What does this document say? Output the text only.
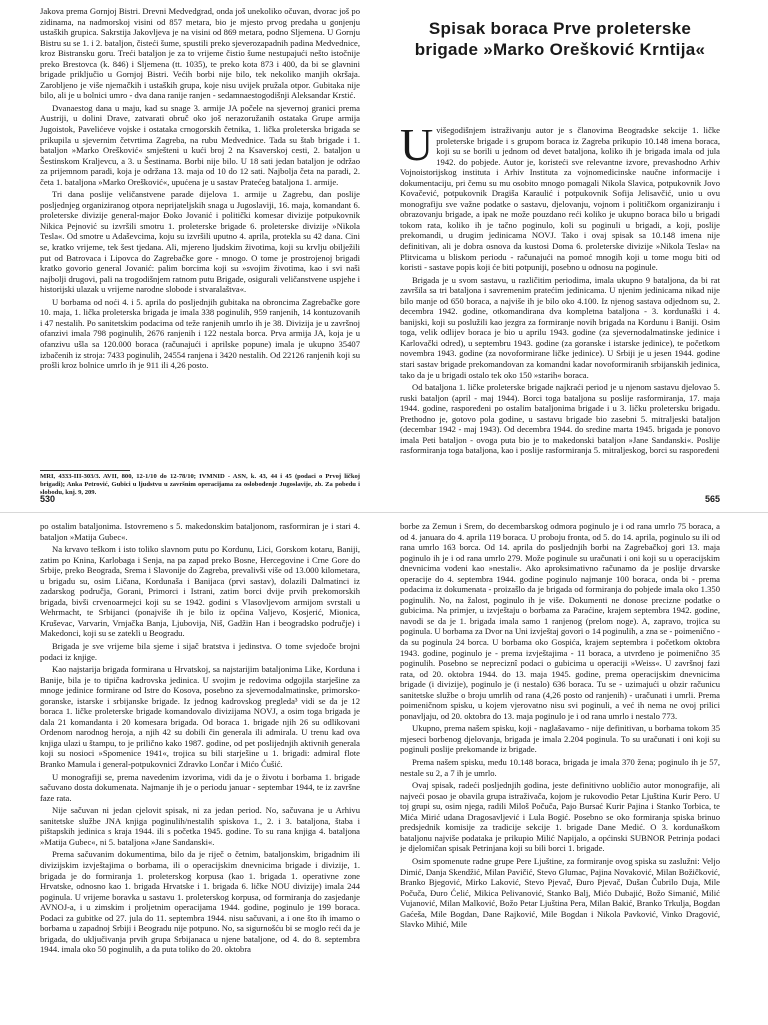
Jakova prema Gornjoj Bistri. Drevni Medvedgrad, onda još unekoliko očuvan, dvorac još po zidinama, na nadmorskoj visini od 857 metara, bio je mjesto prvog predaha u gonjenju ustaških grupica. Sakrstija Jakovljeva je na visini od 869 metara, podno Sljemena. U Gornju Bistru su se 1. i 2. bataljon, čisteći šume, spustili preko sjeverozapadnih padina Medvednice, kroz Bistransku goru. Treći bataljon je za to vrijeme čistio šume nestupajući nešto istočnije preko Brestovca (k. 846) i Sljemena (tt. 1035), te preko kota 873 i 400, da bi se glavnini brigade priključio u Gornjoj Bistri. Većih borbi nije bilo, tek nekoliko manjih okršaja. Zarobljeno je više njemačkih i ustaških grupa, koje nisu uvijek pružala otpor. Gubitaka nije bilo, ali je u bolnici umro - dva dana ranije ranjen - sedamnaestogodišnji Aleksandar Krstić.

Dvanaestog dana u maju, kad su snage 3. armije JA počele na sjevernoj granici prema Austriji, u dolini Drave, zatvarati obruč oko još nerazoružanih ostataka Grupe armija Jugoistok, Pavelićeve vojske i ostataka crnogorskih četnika, 1. lička proleterska brigada se prikupila u sjevernim četvrtima Zagreba, na rubu Medvednice. Tada su štab brigade i 1. bataljon »Marko Orešković« smješteni u kući broj 2 na Ksaverskoj cesti, 2. bataljon u Šestinskom Kraljevcu, a 3. u Šestinama. Borbi nije bilo. U 18 sati jedan bataljon je održao za prijemnom paradi, koja je održana 13. maja od 10 do 12 sati. Najbolja četa na paradi, 2. četa 1. bataljona »Marko Orešković«, upućena je u sastav Pratećeg bataljona 1. armije.

Tri dana poslije veličanstvene parade dijelova 1. armije u Zagrebu, dan poslije posljednjeg organiziranog otpora neprijateljskih snaga u Jugoslaviji, 16. maja, komandant 6. proleterske divizije general-major Đoko Jovanić i politički komesar divizije potpukovnik Nikica Pejnović su izvršili smotru 1. proleterske brigade 6. proleterske divizije »Nikola Tesla«. Od smotre u Adaševcima, koju su izvršili uputno 4. aprila, protekla su 42 dana. Cini se, kratko vrijeme, tek šest tjedana. Ali, mjereno ljudskim životima, koji su krvlju obilježili put od Batrovaca i Lipovca do Zagrebačke gore - mnogo. O tome je prostrojenoj brigadi kratko govorio general Jovanić: palim borcima koji su »svojim životima, kao i svi naši najbolji drugovi, pali na trogodišnjem ratnom putu Brigade, osigurali veličanstvene uspjehe i historijski ulazak u vrijeme narodne slobode i stvaralaštva«.

U borbama od noći 4. i 5. aprila do posljednjih gubitaka na obroncima Zagrebačke gore 10. maja, 1. lička proleterska brigada je imala 338 poginulih, 959 ranjenih, 14 kontuzovanih i 47 nestalih. Po sanitetskim podacima od teže ranjenih umrlo ih je 38. Divizija je u završnoj ofanzivi imala 798 poginulih, 2676 ranjenih i 122 nestala borca. Prva armija JA, koja je u ofanzivu ušla sa 120.000 boraca (računajući i aprilske popune) imala je ukupno 35407 izbačenih iz stroja: 7433 poginulih, 24554 ranjena i 3420 nestalih. Od 22126 ranjenih koji su prošli kroz bolnice umrlo ih je 911 ili 4,26 posto.

MRI, 4333-III-303/3. AVII, 800, 12-1/10 do 12-78/10; IVMNID - ASN, k. 43, 44 i 45 (podaci o Prvoj ličkoj brigadi); Anka Petrović, Gubici u ljudstvu u završnim operacijama za oslobođenje Jugoslavije, zb. Za pobedu i slobodu, knj. 9, 209.
530
Spisak boraca Prve proleterske
brigade »Marko Orešković Krntija«

Uvišegodišnjem istraživanju autor je s članovima Beogradske sekcije 1. ličke proleterske brigade i s grupom boraca iz Zagreba prikupio 10.148 imena boraca, koji su se borili u jednom od devet bataljona, koliko ih je brigada imala od jula 1942. do pobjede. Autor je, koristeći sve relevantne izvore, prevashodno Arhiv Vojnoistorijskog instituta i Arhiv Instituta za vojnomedicinske naučne informacije i dokumentaciju, pri čemu su mu osobito mnogo pomagali Nikola Slavica, potpukovnik Jovo Kovačević, potpukovnik Dragiša Karaulić i potpukovnik Sofija Jelisavčić, unio u ovu monografiju sve važne podatke o sastavu, djelovanju, vojnom i političkom organiziranju i obrazovanju brigade, a ipak ne može pouzdano reći koliko je ukupno boraca bilo u brigadi tokom rata, koliko ih je tačno poginulo, koli su poginuli u brigadi, a koji, poslije prekomandi, u drugim jedinicama NOVJ. Tako i ovaj spisak sa 10.148 imena nije definitivan, ali je dobra osnova da kustosi Doma 6. proleterske divizije »Nikola Tesla« na Plitvicama u bliskom periodu - računajući na pomoć mnogih koji u tome mogu biti od koristi - sastave popis koji će biti potpuniji, posebno u odnosu na poginule.

Brigada je u svom sastavu, u različitim periodima, imala ukupno 9 bataljona, da bi rat završila sa tri bataljona i savremenim pratećim jedinicama. U njenim jedinicama nikad nije bilo manje od 650 boraca, a najviše ih je bilo oko 4.100. Iz njenog sastava odjednom su, 2. decembra 1942. godine, otkomandirana dva kompletna bataljona - 3. kordunaški i 4. banijski, koji su poslužili kao jezgra za formiranje novih brigada na Kordunu i Baniji. Osim toga, velik odlijev boraca je bio u aprilu 1943. godine (za sjevernodalmatinske jedinice i Karlovački odred), u septembru 1943. godine (za goranske i istarske jedinice), te početkom novembra 1943. godine (za novoformirane ličke jedinice). U Srbiji je u jesen 1944. godine stari sastav brigade prekomandovan za komandni kadar novoformiranih srbijanskih jedinica, tako da je u brigadi ostalo tek oko 150 »starih« boraca.

Od bataljona 1. ličke proleterske brigade najkraći period je u njenom sastavu djelovao 5. ruski bataljon (april - maj 1944). Borci toga bataljona su poslije rasformiranja, 17. maja 1944. godine, raspoređeni po ostalim bataljonima brigade i u 3. ličku proletersku brigadu. Prethodno je, gotovo pola godine, u sastavu brigade bio zasebni 5. mitraljeski bataljon (decembar 1942 - maj 1943). Od decembra 1944. do sredine marta 1945. brigada je ponovo imala Peti bataljon - ovoga puta bio je to makedonski bataljon »Jane Sandanski«. Poslije rasformiranja toga bataljona, kao i poslije rasformiranja 5. mitraljeskog, borci su raspoređeni

565

po ostalim bataljonima. Istovremeno s 5. makedonskim bataljonom, rasformiran je i stari 4. bataljon »Matija Gubec«.

Na krvavo teškom i isto toliko slavnom putu po Kordunu, Lici, Gorskom kotaru, Baniji, zatim po Knina, Karlobaga i Senja, na pa zapad preko Bosne, Hercegovine i Crne Gore do Srbije, preko Beograda, Srema i Slavonije do Zagreba, prevalivši više od 13.000 kilometara, u brigadu su, osim Ličana, Kordunaša i Banijaca (prvi sastav), dolazili Dalmatinci iz zadarskog područja, Gorani, Primorci i Istrani, zatim borci dvije prvih prekomorskih brigada, bivši crvenoarmejci koji su se 1942. godini s Vlasovljevom armijom svrstali u Wehrmacht, te Srbijanci (ponajviše ih je bilo iz općina Valjevo, Kosjerić, Mionica, Kruševac, Varvarin, Vrnjačka Banja, Ljubovija, Niš, Gadžin Han i beogradsko područje) i Makedonci, koji su se zatekli u Beogradu.

Brigada je sve vrijeme bila sjeme i sijač bratstva i jedinstva. O tome svjedoče brojni podaci iz knjige.

Kao najstarija brigada formirana u Hrvatskoj, sa najstarijim bataljonima Like, Korduna i Banije, bila je to tipična kadrovska jedinica. U svojim je redovima odgojila starješine za mnoge jedinice formirane od Istre do Kosova, posebno za sjevernodalmatinske, primorsko-goranske, istarske i srbijanske brigade. Iz jednog kadrovskog pregleda³ vidi se da je 12 boraca 1. ličke proleterske brigade komandovalo divizijama NOVJ, a osim toga brigada je dala 21 komandanta i 20 komesara brigada. Od boraca 1. brigade njih 26 su odlikovani Ordenom narodnog heroja, a njih 42 su dobili čin generala ili admirala. U trenu kad ova knjiga ulazi u štampu, to je prilično kako 1987. godine, od pet poslijednjih aktivnih generala koji su nosioci »Spomenice 1941«, trojica su bili starješine u 1. brigadi: admiral flote Branko Mamula i general-potpukovnici Zdravko Lončar i Mićo Ćušić.

U monografiji se, prema navedenim izvorima, vidi da je o životu i borbama 1. brigade sačuvano dosta dokumenata. Najmanje ih je o periodu januar - septembar 1944, te iz završne faze rata.

Nije sačuvan ni jedan cjelovit spisak, ni za jedan period. No, sačuvana je u Arhivu sanitetske službe JNA knjiga poginulih/nestalih spiskova 1., 2. i 3. bataljona, štaba i pištapskih jedinica s kraja 1944. ili s početka 1945. godine. To su rana knjiga 4. bataljona »Matija Gubec«, ni 5. bataljona »Jane Sandanski«.

Prema sačuvanim dokumentima, bilo da je riječ o četnim, bataljonskim, brigadnim ili divizijskim izvještajima o borbama, ili o operacijskim dnevnicima brigade i divizije, 1. brigada je do formiranja 1. proleterskog korpusa (kao 1. brigada 1. operativne zone Hrvatske, odnosno kao 1. brigada Hrvatske i 1. brigada 6. ličke NOU divizije) imala 244 poginula. U vrijeme boravka u sastavu 1. proleterskog korpusa, od formiranja do zasjedanje AVNOJ-a, i u zimskim i proljetnim operacijama 1944. godine, poginulo je 199 boraca. Podaci za gubitke od 27. jula do 11. septembra 1944. nisu sačuvani, a i one što ih imamo o borbama u zapadnoj Srbiji i Beogradu nije potpuno. No, sa sigurnošću bi se moglo reći da je brigada, do uključivanja prvih grupa Srbijanaca u njene bataljone, od 4. do 8. septembra 1944. imala oko 50 poginulih, a da puta toliko do 20. oktobra

borbe za Zemun i Srem, do decembarskog odmora poginulo je i od rana umrlo 75 boraca, a od 4. januara do 4. aprila 119 boraca. U proboju fronta, od 5. do 14. aprila, poginulo su ili od rana umrlo 163 borca. Od 14. aprila do posljednjih borbi na Zagrebačkoj gori 13. maja poginulo ih je i od rana umrlo 279. Može poginule su uračunati i oni koji su u operacijskim dnevnicima vođeni kao »nestali«. Ako aproksimativno računamo da je poslije drvarske operacije do 4. septembra 1944. godine poginulo najmanje 100 boraca, onda bi - prema podacima iz dokumenata - proizašlo da je brigada od formiranja do pobjede imala oko 1.350 poginulih. No, na žalost, poginulo ih je više. Dokumenti ne donose precizne podatke o gubicima. Na primjer, u izvještaju o borbama za Paraćine, krajem septembra 1942. godine, navodi se da je 1. brigada imala samo 1 ranjenog (prelom noge). A, zapravo, trojica su poginula. U borbama za Dvor na Uni izvještaj govori o 14 poginulih, a zna se - poimenično - da su poginula 24 borca. U borbama oko Gospića, krajem septembra i početkom oktobra 1943. godine, poginulo je - prema izvještajima - 11 boraca, a utvrđeno je poimenično 35 poginulih. Posebno se nepreciznî podaci o gubicima u operaciji »Weiss«. U završnoj fazi rata, od 20. oktobra 1944. do 13. maja 1945. godine, prema operacijskim dnevnicima brigade (i divizije), poginulo je (i nestalo) 636 boraca. Tu se - uzimajući u obzir računicu sanitetske službe o broju umrlih od rana (4,26 posto od ranjenih) - uračunati i umrli. Prema poimeničnom spisku, u kojem vjerovatno nisu svi poginuli, a već ih nema ne ovoj prilici ponavljaju, od 20. oktobra do 13. maja poginulo je i od rana umrlo i nestalo 773.

Ukupno, prema našem spisku, koji - naglašavamo - nije definitivan, u borbama tokom 35 mjeseci borbenog djelovanja, brigada je imala 2.204 poginula. To su uračunati i oni koji su poginuli poslije prekomande iz brigade.

Prema našem spisku, među 10.148 boraca, brigada je imala 370 žena; poginulo ih je 57, nestale su 2, a 7 ih je umrlo.

Ovaj spisak, radeći posljednjih godina, jeste definitivno uobličio autor monografije, ali najveći posao je obavila grupa istraživača, kojom je rukovodio Petar Ljuština Kurir Pero. U toj grupi su, osim njega, radili Miloš Počuča, Pajo Bursać Kurir Pajina i Stanko Torbica, te Mića Mirić udana Dragosavljević i Lula Bogić. Posebno se oko formiranja spiska brinuo predsjednik komisije za tradicije sekcije 1. brigade Dane Medić. O 3. kordunaškom bataljonu najviše podataka je prikupio Milić Napijalo, a općinski SUBNOR Petrinja podaci je djelomičan spisak Petrinjana koji su bili borci 1. brigade.

Osim spomenute radne grupe Pere Ljuštine, za formiranje ovog spiska su zaslužni: Veljo Dimić, Danja Skendžić, Milan Pavičić, Stevo Glumac, Pajina Novaković, Milan Božičković, Branko Bjegović, Mirko Laković, Stevo Pjevač, Đuro Pjevač, Dušan Čubrilo Duja, Mile Počuča, Đuro Ćelić, Mikica Pelivanović, Stanko Balj, Mićo Dubajić, Božo Simanić, Milić Vujanović, Milan Malković, Božo Petar Ljuština Pera, Milan Bakić, Branko Trkulja, Bogdan Gaćeša, Mile Bogdan, Dane Rajković, Mile Bogdan i Nikola Pavković, Vinko Dragović, Slavko Mihić, Mile
